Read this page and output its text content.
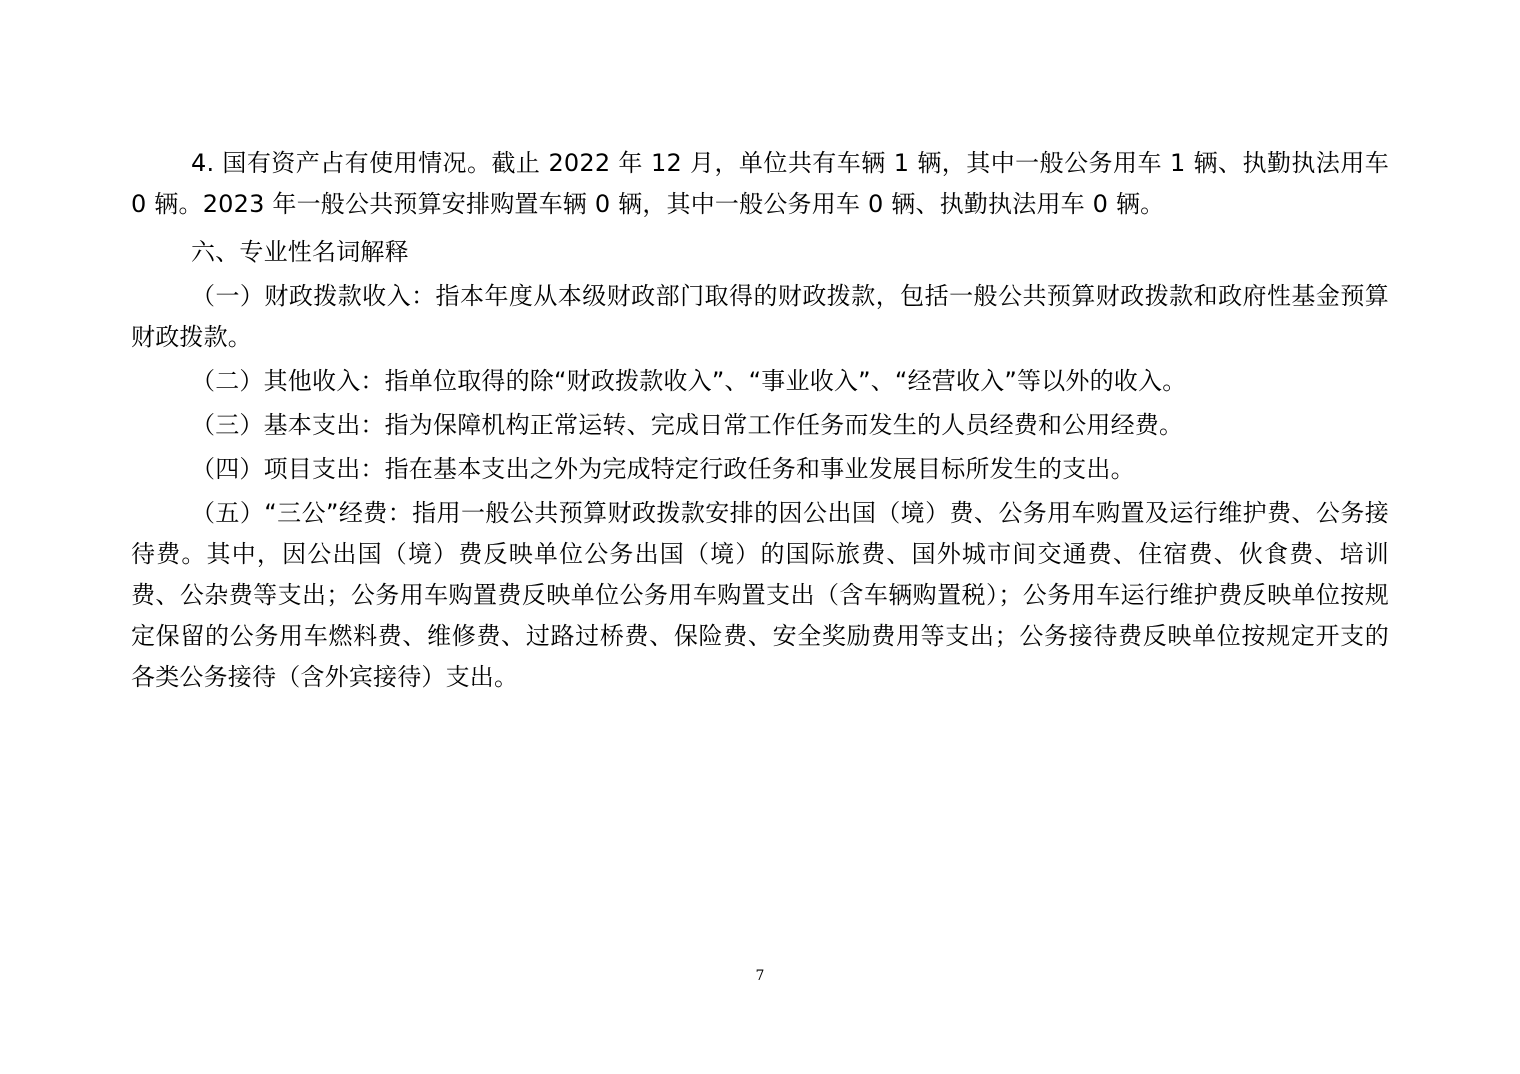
4. 国有资产占有使用情况。截止 2022 年 12 月，单位共有车辆 1 辆，其中一般公务用车 1 辆、执勤执法用车 0 辆。2023 年一般公共预算安排购置车辆 0 辆，其中一般公务用车 0 辆、执勤执法用车 0 辆。

六、专业性名词解释

（一）财政拨款收入：指本年度从本级财政部门取得的财政拨款，包括一般公共预算财政拨款和政府性基金预算财政拨款。

（二）其他收入：指单位取得的除“财政拨款收入”、“事业收入”、“经营收入”等以外的收入。

（三）基本支出：指为保障机构正常运转、完成日常工作任务而发生的人员经费和公用经费。

（四）项目支出：指在基本支出之外为完成特定行政任务和事业发展目标所发生的支出。

（五）“三公”经费：指用一般公共预算财政拨款安排的因公出国（境）费、公务用车购置及运行维护费、公务接待费。其中，因公出国（境）费反映单位公务出国（境）的国际旅费、国外城市间交通费、住宿费、伙食费、培训费、公杂费等支出；公务用车购置费反映单位公务用车购置支出（含车辆购置税）；公务用车运行维护费反映单位按规定保留的公务用车燃料费、维修费、过路过桥费、保险费、安全奖励费用等支出；公务接待费反映单位按规定开支的各类公务接待（含外宾接待）支出。

7
